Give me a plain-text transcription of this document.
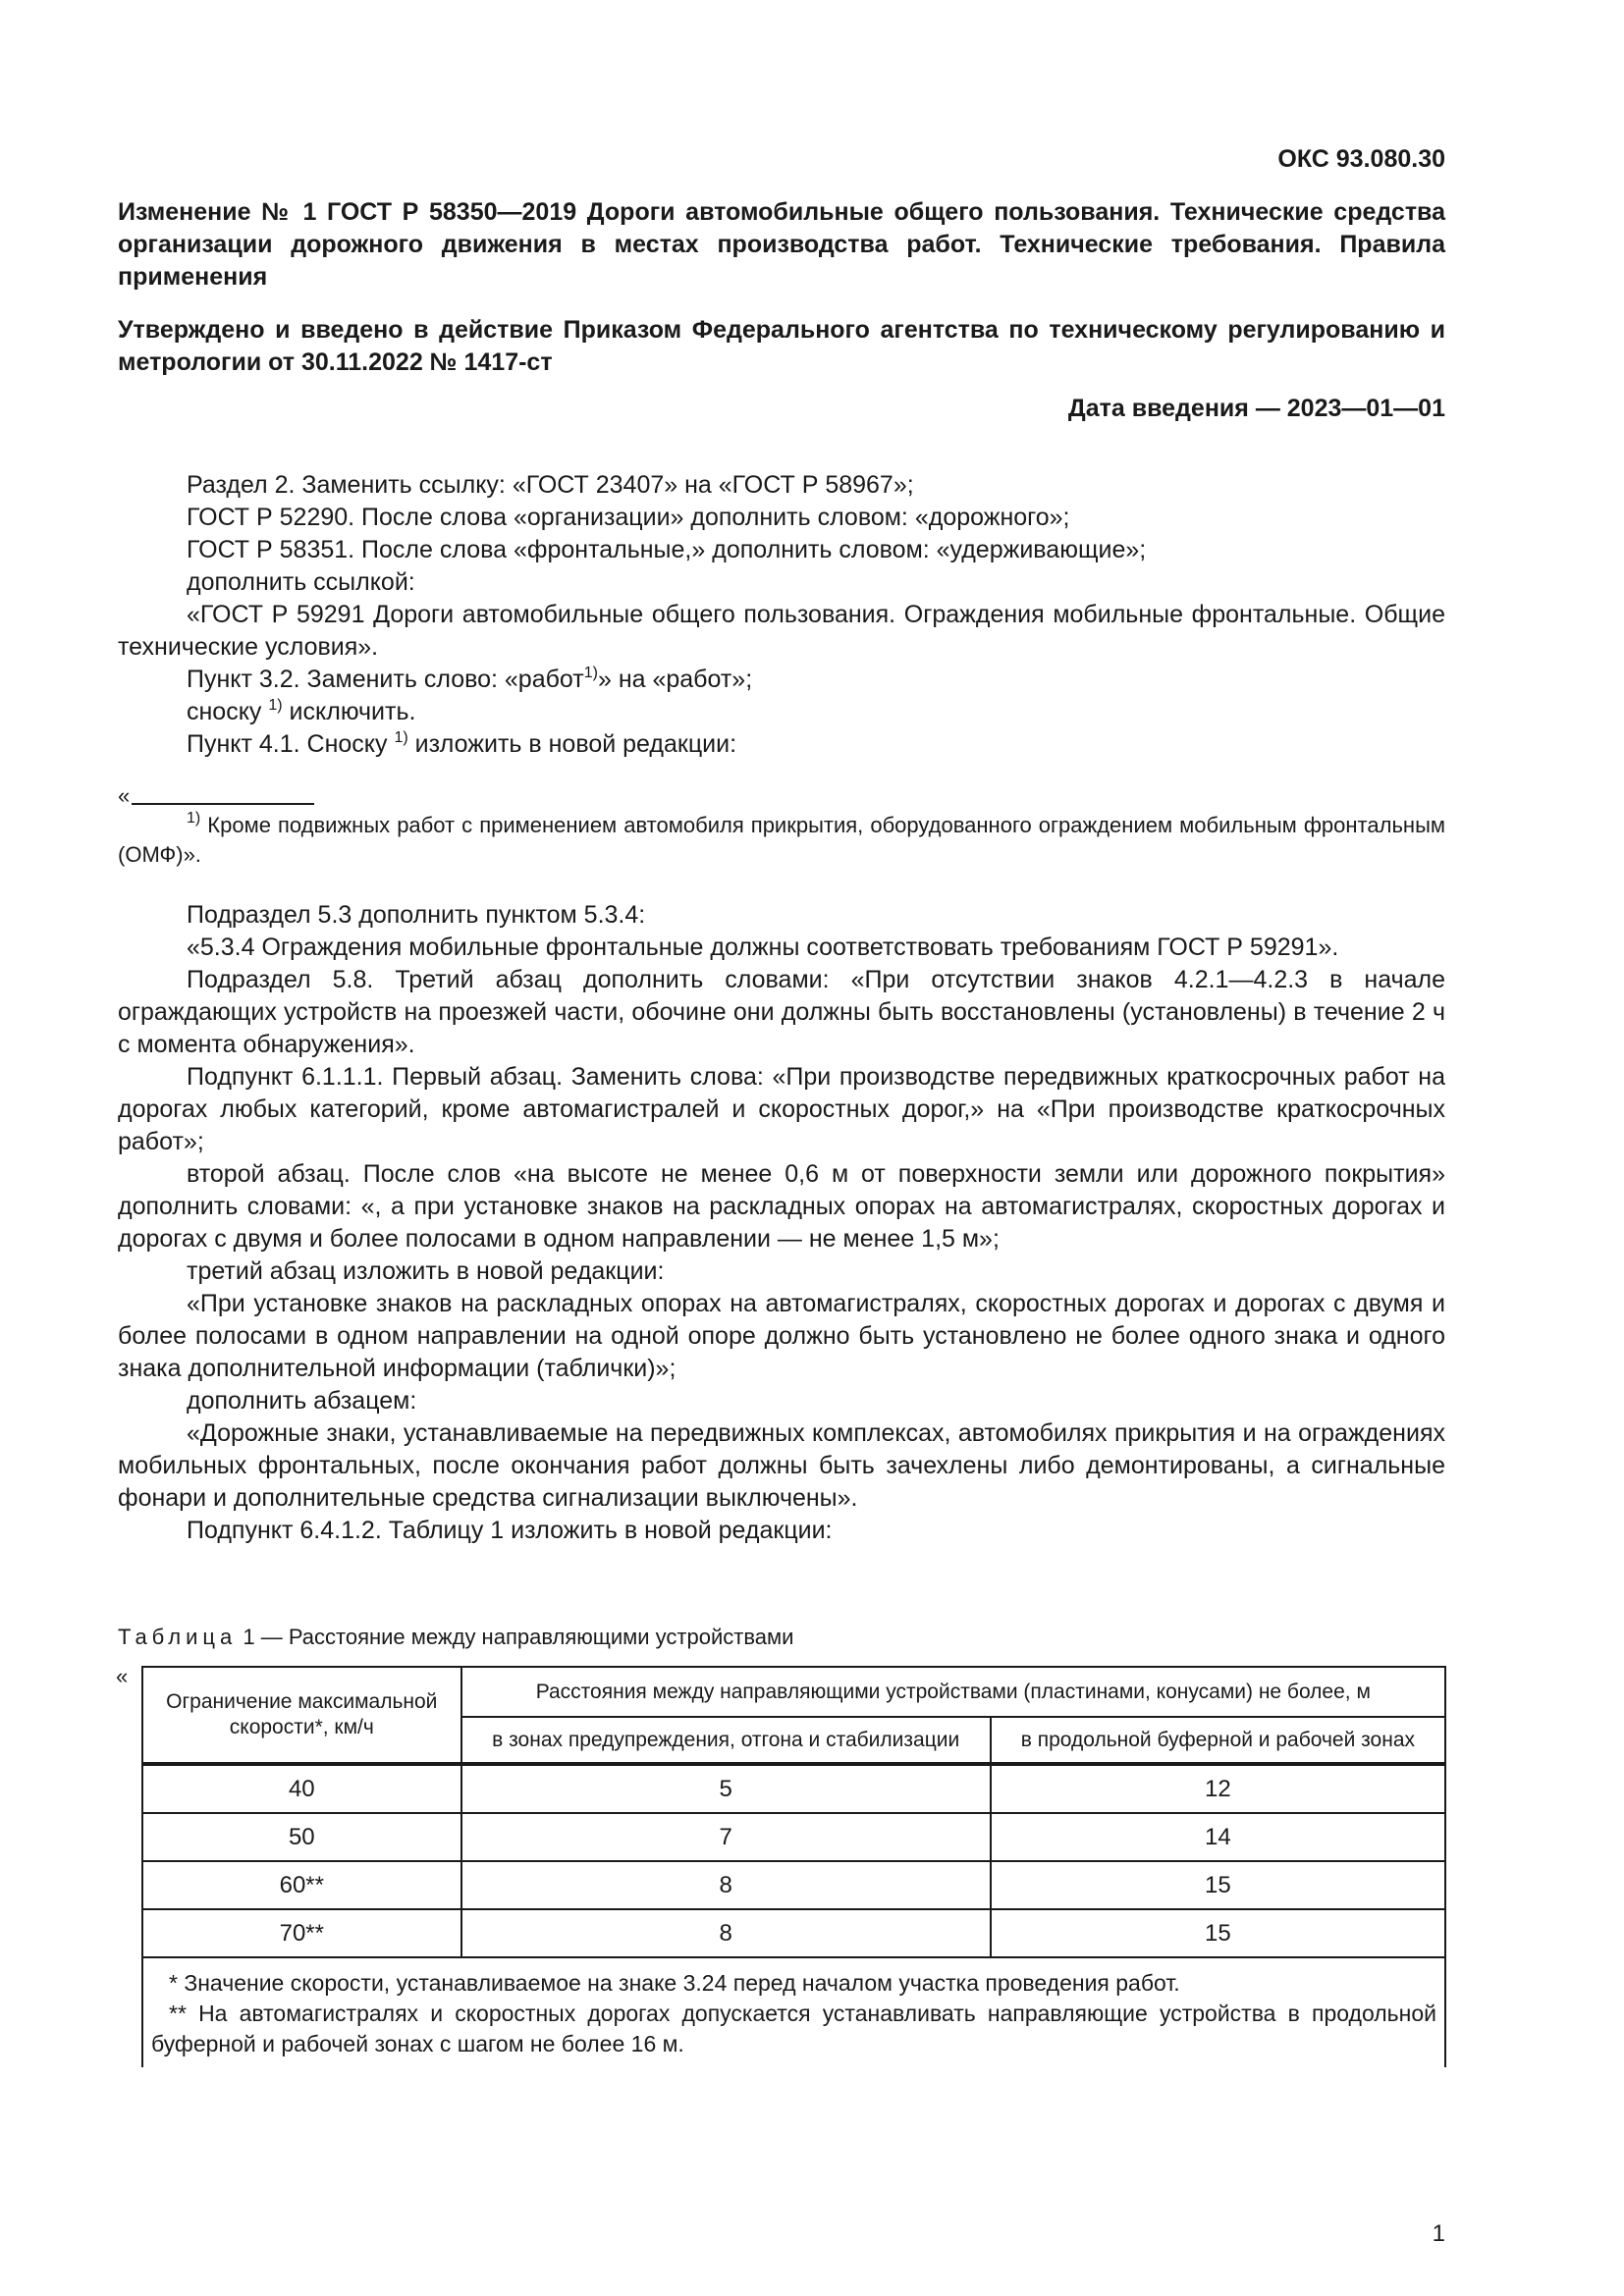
ОКС 93.080.30
Изменение № 1 ГОСТ Р 58350—2019 Дороги автомобильные общего пользования. Технические средства организации дорожного движения в местах производства работ. Технические требования. Правила применения
Утверждено и введено в действие Приказом Федерального агентства по техническому регулированию и метрологии от 30.11.2022 № 1417-ст
Дата введения — 2023—01—01

Раздел 2. Заменить ссылку: «ГОСТ 23407» на «ГОСТ Р 58967»;

ГОСТ Р 52290. После слова «организации» дополнить словом: «дорожного»;

ГОСТ Р 58351. После слова «фронтальные,» дополнить словом: «удерживающие»;

дополнить ссылкой:

«ГОСТ Р 59291 Дороги автомобильные общего пользования. Ограждения мобильные фронтальные. Общие технические условия».

Пункт 3.2. Заменить слово: «работ$^{1)}$» на «работ»;

сноску $^{1)}$ исключить.

Пункт 4.1. Сноску $^{1)}$ изложить в новой редакции:

«

$^{1)}$ Кроме подвижных работ с применением автомобиля прикрытия, оборудованного ограждением мобильным фронтальным (ОМФ)».

Подраздел 5.3 дополнить пунктом 5.3.4:

«5.3.4 Ограждения мобильные фронтальные должны соответствовать требованиям ГОСТ Р 59291».

Подраздел 5.8. Третий абзац дополнить словами: «При отсутствии знаков 4.2.1—4.2.3 в начале ограждающих устройств на проезжей части, обочине они должны быть восстановлены (установлены) в течение 2 ч с момента обнаружения».

Подпункт 6.1.1.1. Первый абзац. Заменить слова: «При производстве передвижных краткосрочных работ на дорогах любых категорий, кроме автомагистралей и скоростных дорог,» на «При производстве краткосрочных работ»;

второй абзац. После слов «на высоте не менее 0,6 м от поверхности земли или дорожного покрытия» дополнить словами: «, а при установке знаков на раскладных опорах на автомагистралях, скоростных дорогах и дорогах с двумя и более полосами в одном направлении — не менее 1,5 м»;

третий абзац изложить в новой редакции:

«При установке знаков на раскладных опорах на автомагистралях, скоростных дорогах и дорогах с двумя и более полосами в одном направлении на одной опоре должно быть установлено не более одного знака и одного знака дополнительной информации (таблички)»;

дополнить абзацем:

«Дорожные знаки, устанавливаемые на передвижных комплексах, автомобилях прикрытия и на ограждениях мобильных фронтальных, после окончания работ должны быть зачехлены либо демонтированы, а сигнальные фонари и дополнительные средства сигнализации выключены».

Подпункт 6.4.1.2. Таблицу 1 изложить в новой редакции:

Таблица 1 — Расстояние между направляющими устройствами
«
Ограничение максимальной скорости*, км/ч	Расстояния между направляющими устройствами (пластинами, конусами) не более, м	
	в зонах предупреждения, отгона и стабилизации	в продольной буферной и рабочей зонах
40	5	12
50	7	14
60**	8	15
70**	8	15

* Значение скорости, устанавливаемое на знаке 3.24 перед началом участка проведения работ.

** На автомагистралях и скоростных дорогах допускается устанавливать направляющие устройства в продольной буферной и рабочей зонах с шагом не более 16 м.		

1
